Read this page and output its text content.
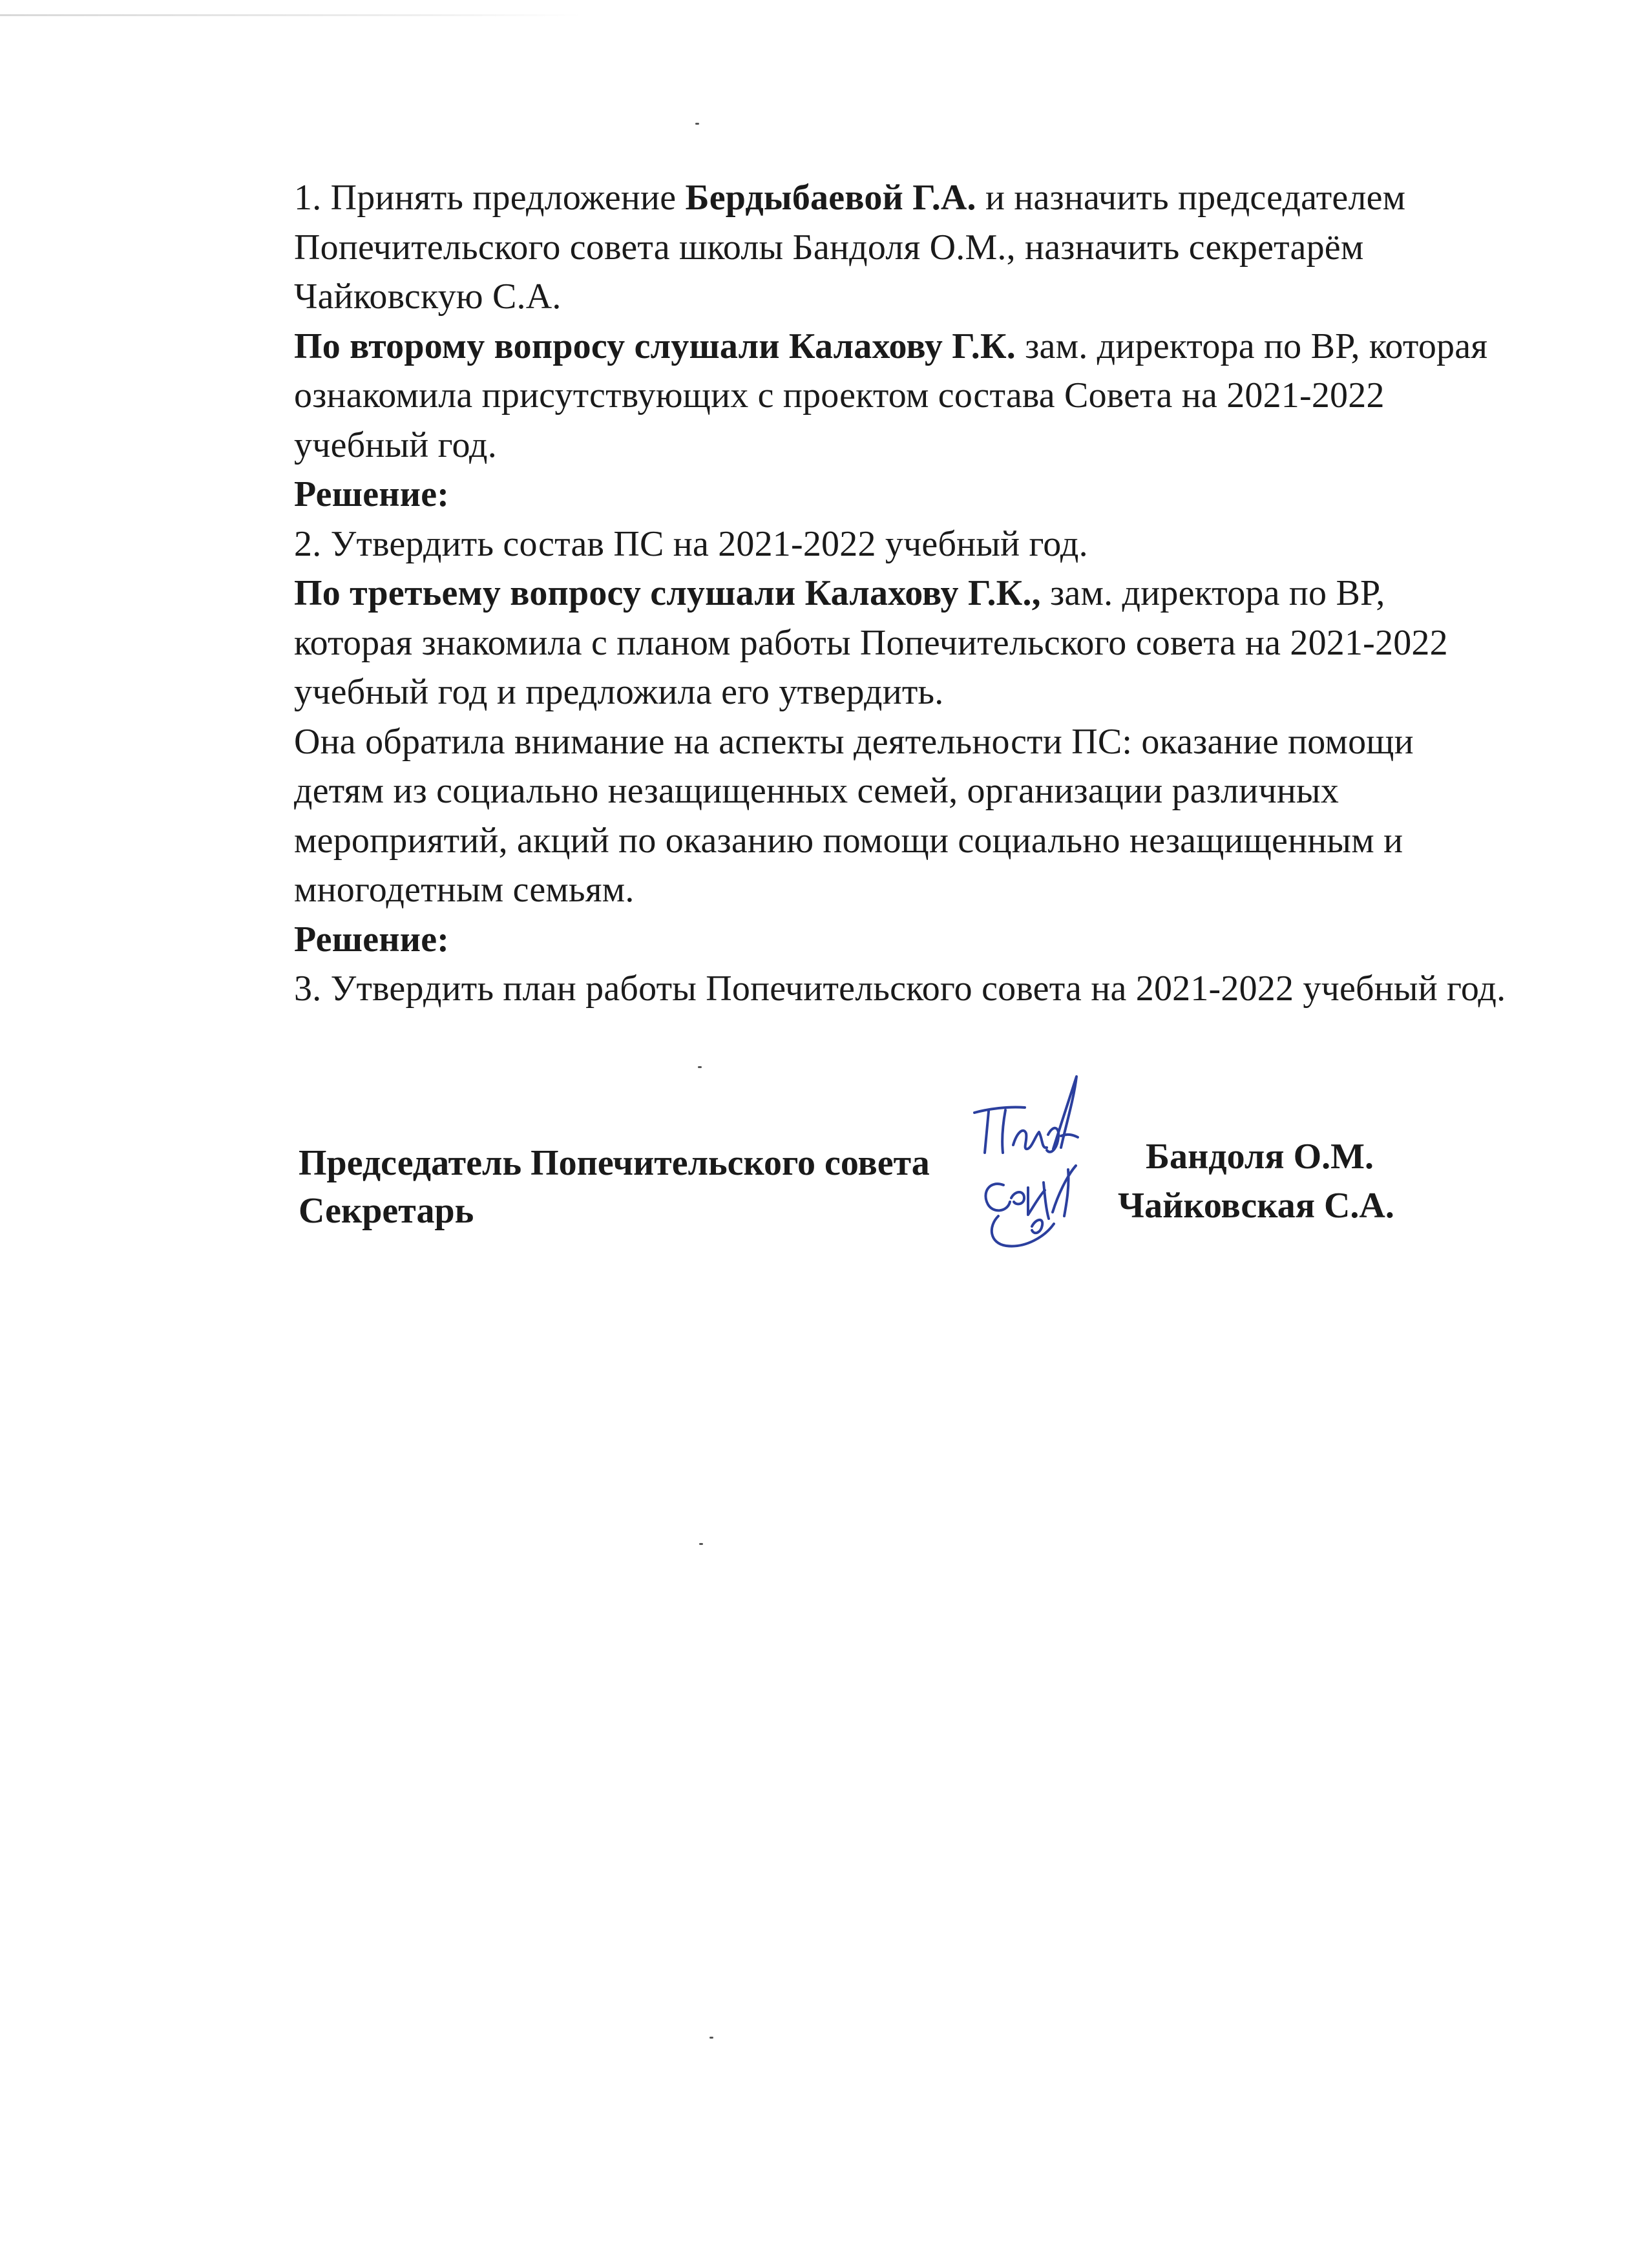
1. Принять предложение Бердыбаевой Г.А. и назначить председателем

Попечительского совета школы Бандоля О.М., назначить секретарём

Чайковскую С.А.

По второму вопросу слушали Калахову Г.К. зам. директора по ВР, которая

ознакомила присутствующих с проектом состава Совета на 2021-2022

учебный год.

Решение:

2. Утвердить состав ПС на 2021-2022 учебный год.

По третьему вопросу слушали Калахову Г.К., зам. директора по ВР,

которая знакомила с планом работы Попечительского совета на 2021-2022

учебный год и предложила его утвердить.

Она обратила внимание на аспекты деятельности ПС: оказание помощи

детям из социально незащищенных семей, организации различных

мероприятий, акций по оказанию помощи социально незащищенным и

многодетным семьям.

Решение:

3. Утвердить план работы Попечительского совета на 2021-2022 учебный год.

Председатель Попечительского совета	Бандоля О.М.
Секретарь	Чайковская С.А.
